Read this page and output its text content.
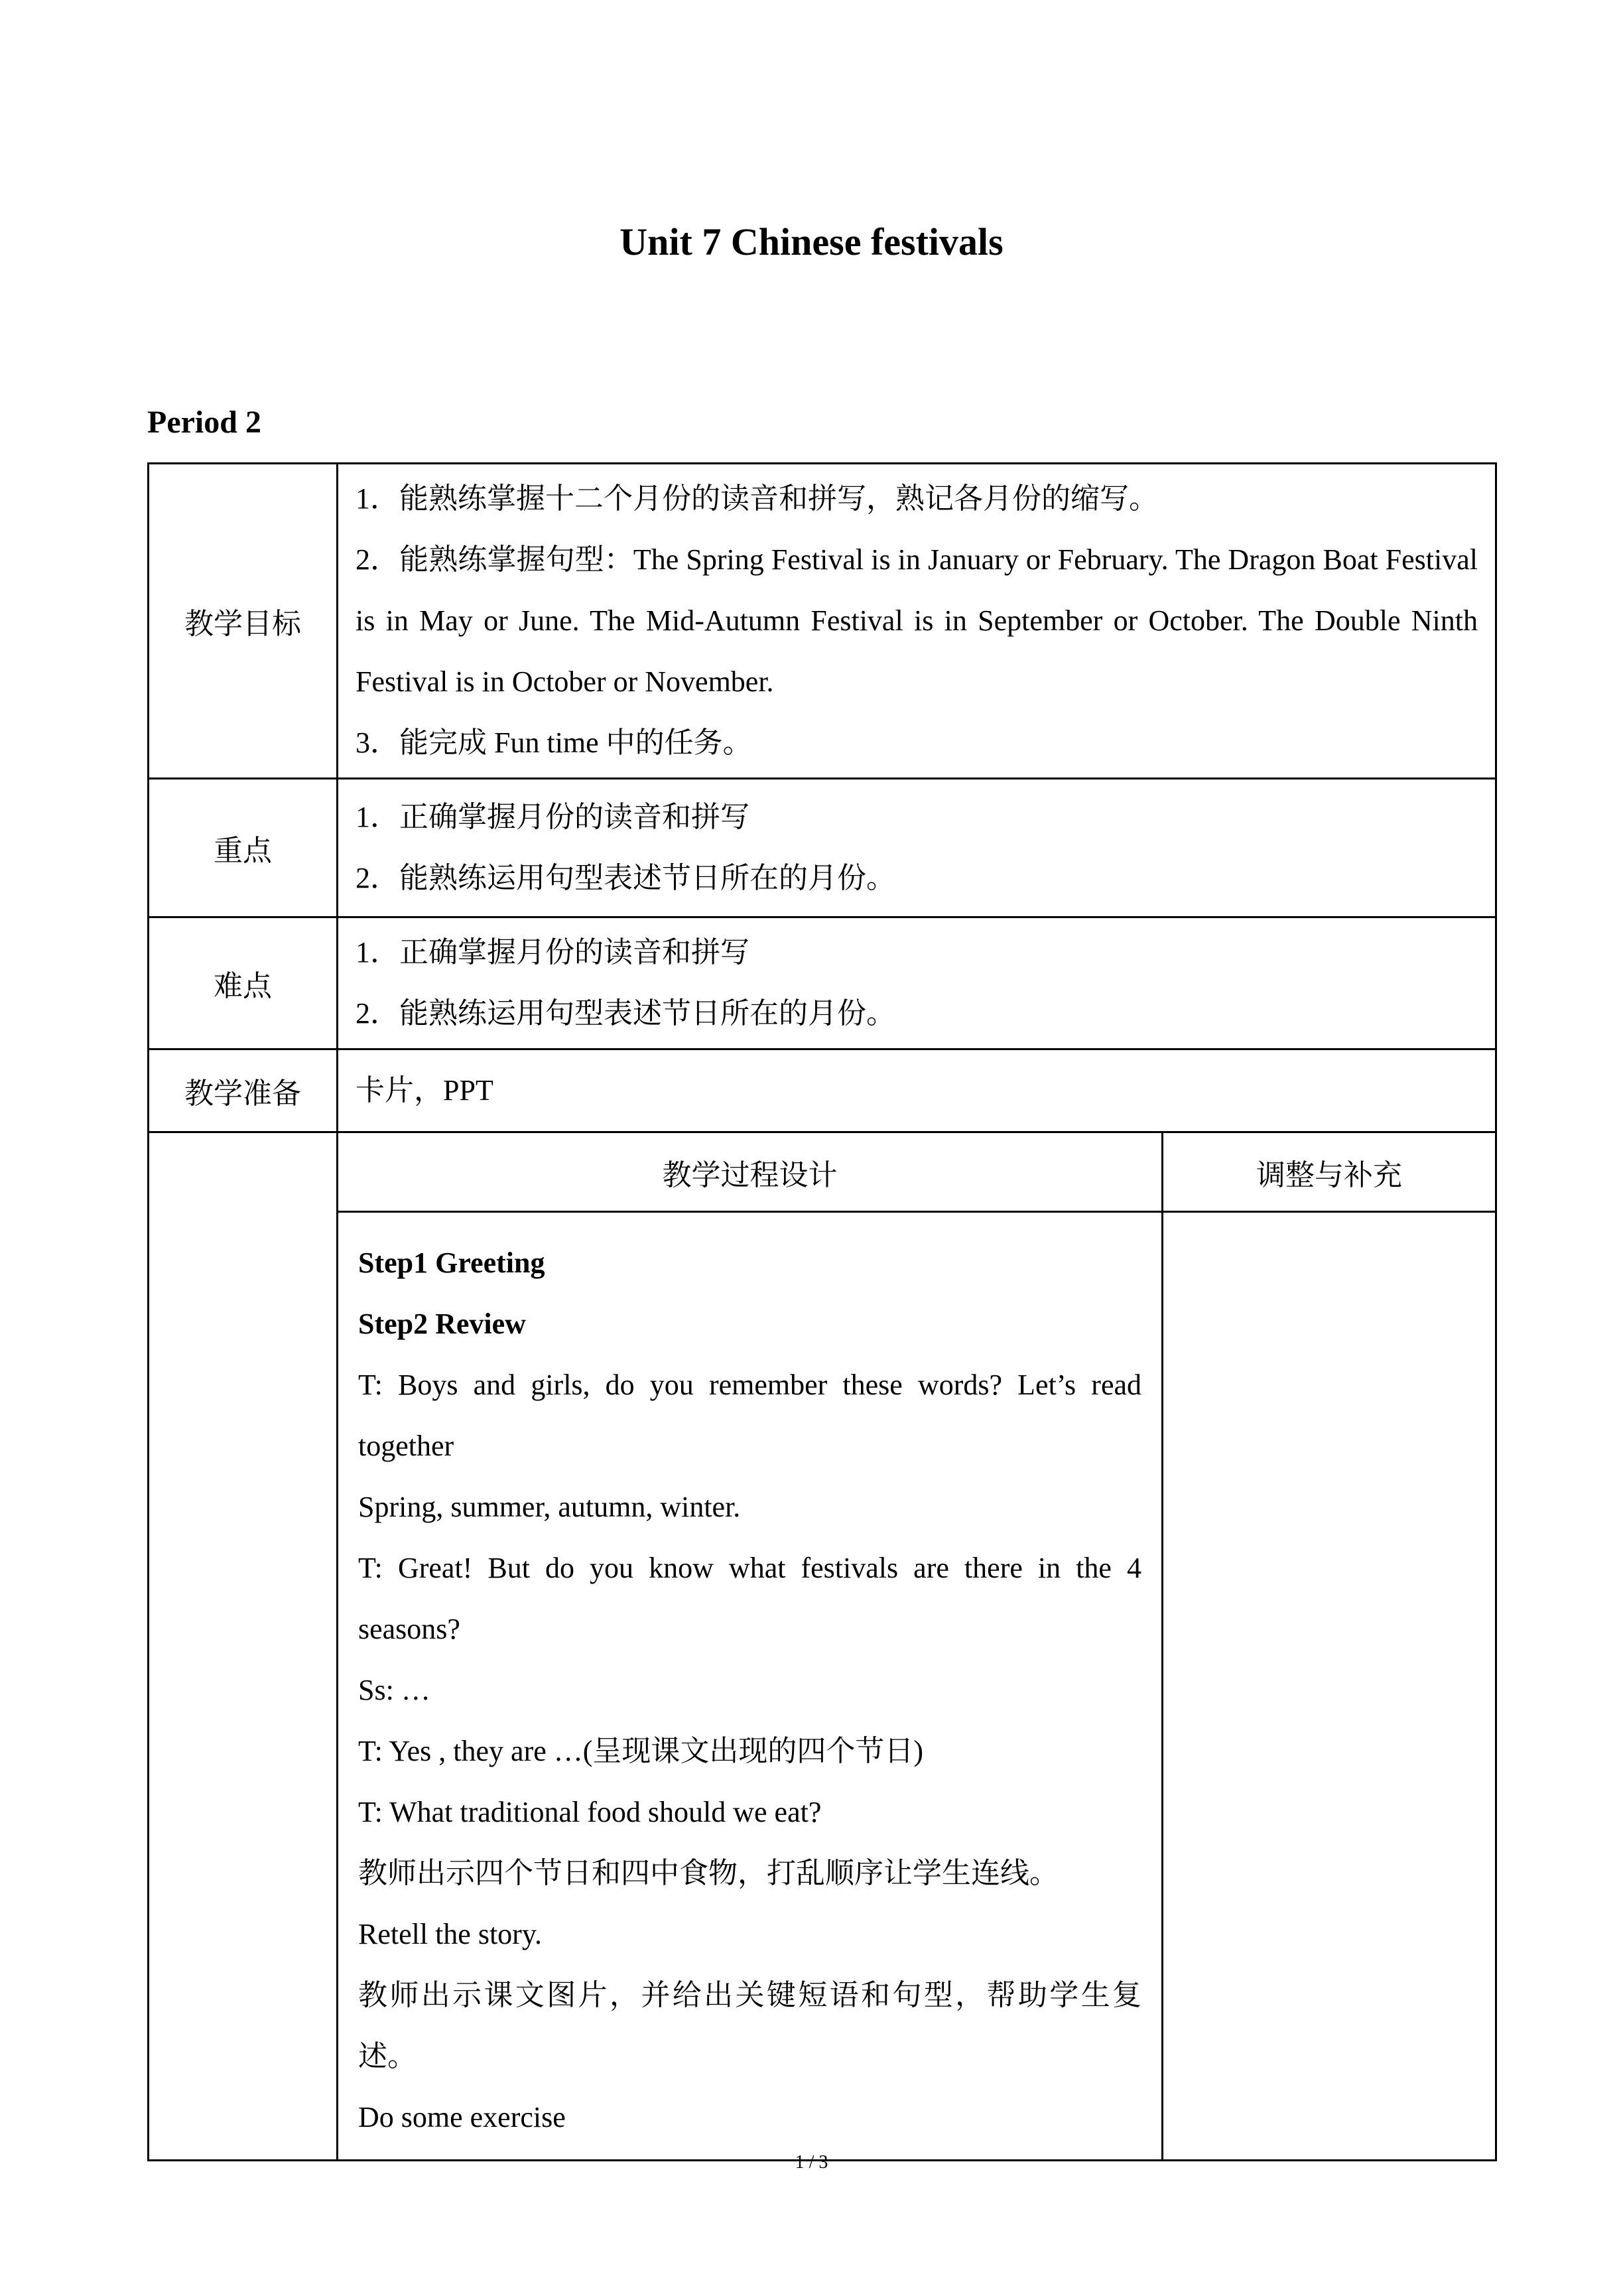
Unit 7 Chinese festivals
Period 2
教学目标	1．能熟练掌握十二个月份的读音和拼写，熟记各月份的缩写。

2．能熟练掌握句型：The Spring Festival is in January or February. The Dragon Boat Festival is in May or June. The Mid-Autumn Festival is in September or October. The Double Ninth Festival is in October or November.

3．能完成 Fun time 中的任务。	

重点	1．正确掌握月份的读音和拼写

2．能熟练运用句型表述节日所在的月份。	

难点	1．正确掌握月份的读音和拼写

2．能熟练运用句型表述节日所在的月份。	

教学准备	卡片，PPT	

	教学过程设计	调整与补充

Step1 Greeting

Step2 Review

T: Boys and girls, do you remember these words? Let’s read together

Spring, summer, autumn, winter.

T: Great! But do you know what festivals are there in the 4 seasons?

Ss: …

T: Yes , they are …(呈现课文出现的四个节日)

T: What traditional food should we eat?

教师出示四个节日和四中食物，打乱顺序让学生连线。

Retell the story.

教师出示课文图片，并给出关键短语和句型，帮助学生复述。

Do some exercise

1 / 3
